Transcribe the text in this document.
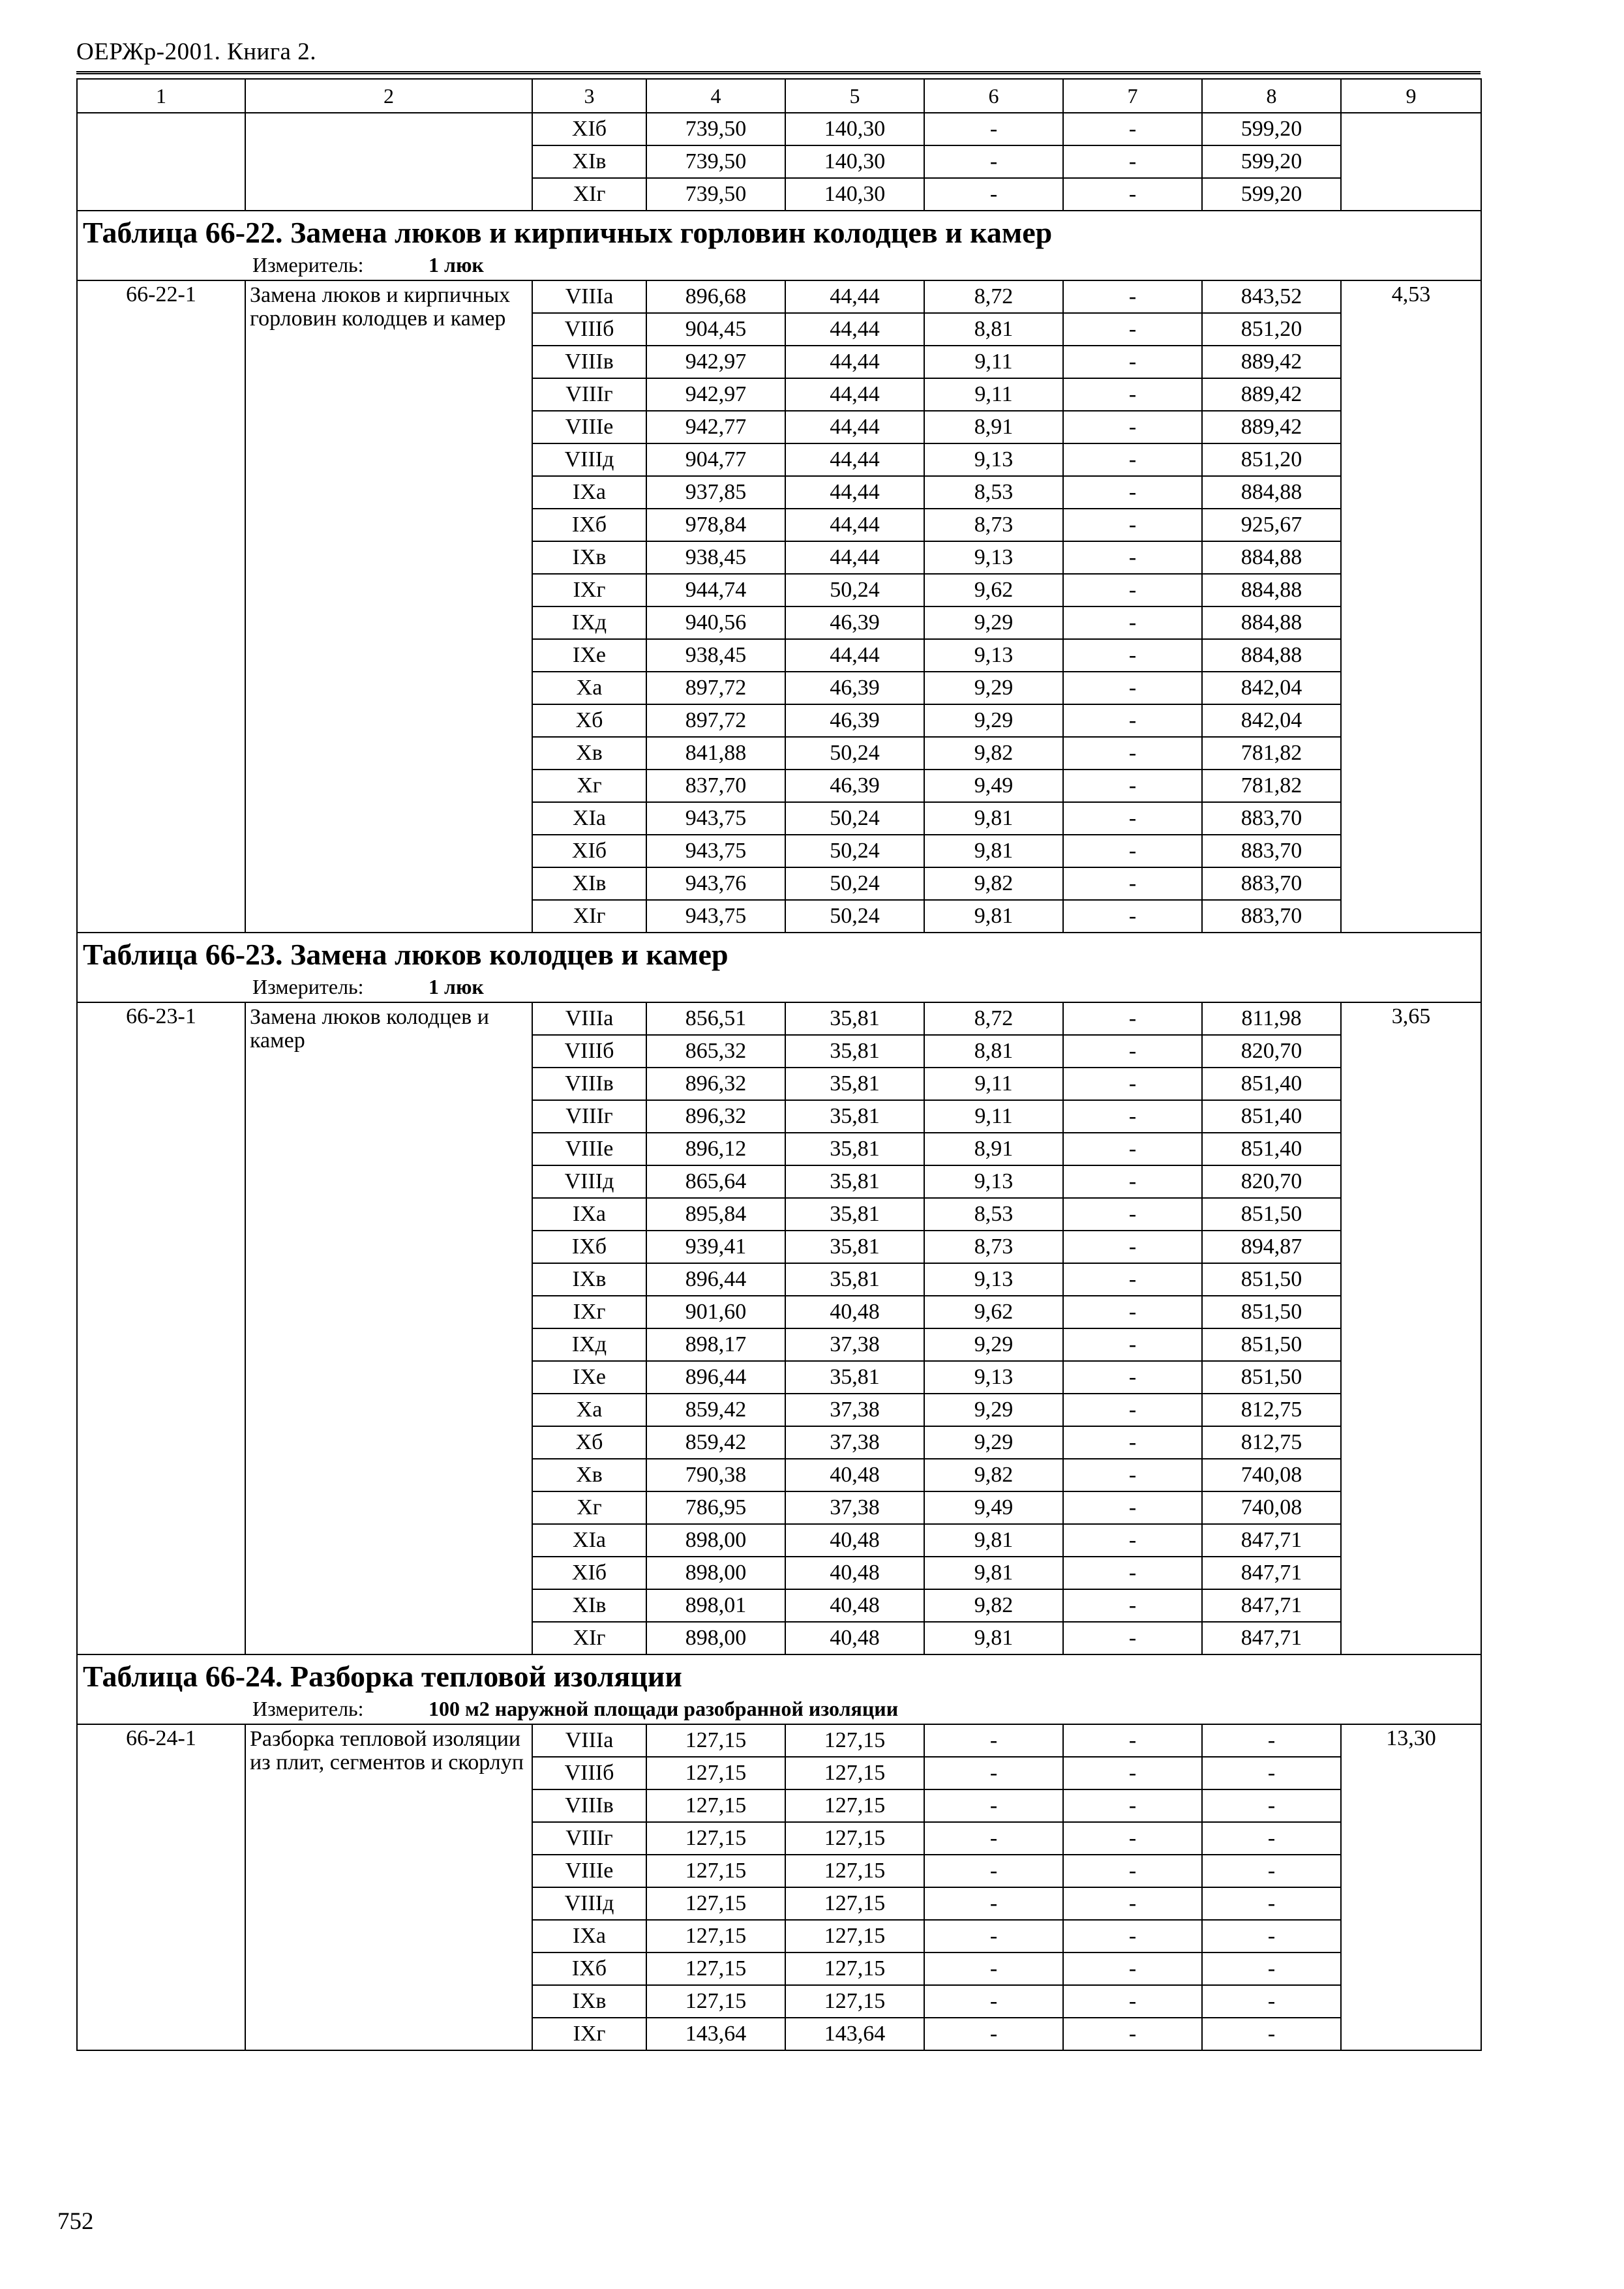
ОЕРЖр-2001. Книга 2.
1	2	3	4	5	6	7	8	9
		XIб	739,50	140,30	-	-	599,20	
		XIв	739,50	140,30	-	-	599,20	
		XIг	739,50	140,30	-	-	599,20	

Таблица 66-22. Замена люков и кирпичных горловин колодцев и камер
Измеритель: 1 люк								

66-22-1	Замена люков и кирпичных горловин колодцев и камер	VIIIа	896,68	44,44	8,72	-	843,52	4,53
		VIIIб	904,45	44,44	8,81	-	851,20	
		VIIIв	942,97	44,44	9,11	-	889,42	
		VIIIг	942,97	44,44	9,11	-	889,42	
		VIIIе	942,77	44,44	8,91	-	889,42	
		VIIIд	904,77	44,44	9,13	-	851,20	
		IXа	937,85	44,44	8,53	-	884,88	
		IXб	978,84	44,44	8,73	-	925,67	
		IXв	938,45	44,44	9,13	-	884,88	
		IXг	944,74	50,24	9,62	-	884,88	
		IXд	940,56	46,39	9,29	-	884,88	
		IXе	938,45	44,44	9,13	-	884,88	
		Xа	897,72	46,39	9,29	-	842,04	
		Xб	897,72	46,39	9,29	-	842,04	
		Xв	841,88	50,24	9,82	-	781,82	
		Xг	837,70	46,39	9,49	-	781,82	
		XIа	943,75	50,24	9,81	-	883,70	
		XIб	943,75	50,24	9,81	-	883,70	
		XIв	943,76	50,24	9,82	-	883,70	
		XIг	943,75	50,24	9,81	-	883,70	

Таблица 66-23. Замена люков колодцев и камер
Измеритель: 1 люк								

66-23-1	Замена люков колодцев и камер	VIIIа	856,51	35,81	8,72	-	811,98	3,65
		VIIIб	865,32	35,81	8,81	-	820,70	
		VIIIв	896,32	35,81	9,11	-	851,40	
		VIIIг	896,32	35,81	9,11	-	851,40	
		VIIIе	896,12	35,81	8,91	-	851,40	
		VIIIд	865,64	35,81	9,13	-	820,70	
		IXа	895,84	35,81	8,53	-	851,50	
		IXб	939,41	35,81	8,73	-	894,87	
		IXв	896,44	35,81	9,13	-	851,50	
		IXг	901,60	40,48	9,62	-	851,50	
		IXд	898,17	37,38	9,29	-	851,50	
		IXе	896,44	35,81	9,13	-	851,50	
		Xа	859,42	37,38	9,29	-	812,75	
		Xб	859,42	37,38	9,29	-	812,75	
		Xв	790,38	40,48	9,82	-	740,08	
		Xг	786,95	37,38	9,49	-	740,08	
		XIа	898,00	40,48	9,81	-	847,71	
		XIб	898,00	40,48	9,81	-	847,71	
		XIв	898,01	40,48	9,82	-	847,71	
		XIг	898,00	40,48	9,81	-	847,71	

Таблица 66-24. Разборка тепловой изоляции
Измеритель: 100 м2 наружной площади разобранной изоляции								

66-24-1	Разборка тепловой изоляции из плит, сегментов и скорлуп	VIIIа	127,15	127,15	-	-	-	13,30
		VIIIб	127,15	127,15	-	-	-	
		VIIIв	127,15	127,15	-	-	-	
		VIIIг	127,15	127,15	-	-	-	
		VIIIе	127,15	127,15	-	-	-	
		VIIIд	127,15	127,15	-	-	-	
		IXа	127,15	127,15	-	-	-	
		IXб	127,15	127,15	-	-	-	
		IXв	127,15	127,15	-	-	-	
		IXг	143,64	143,64	-	-	-	
752
